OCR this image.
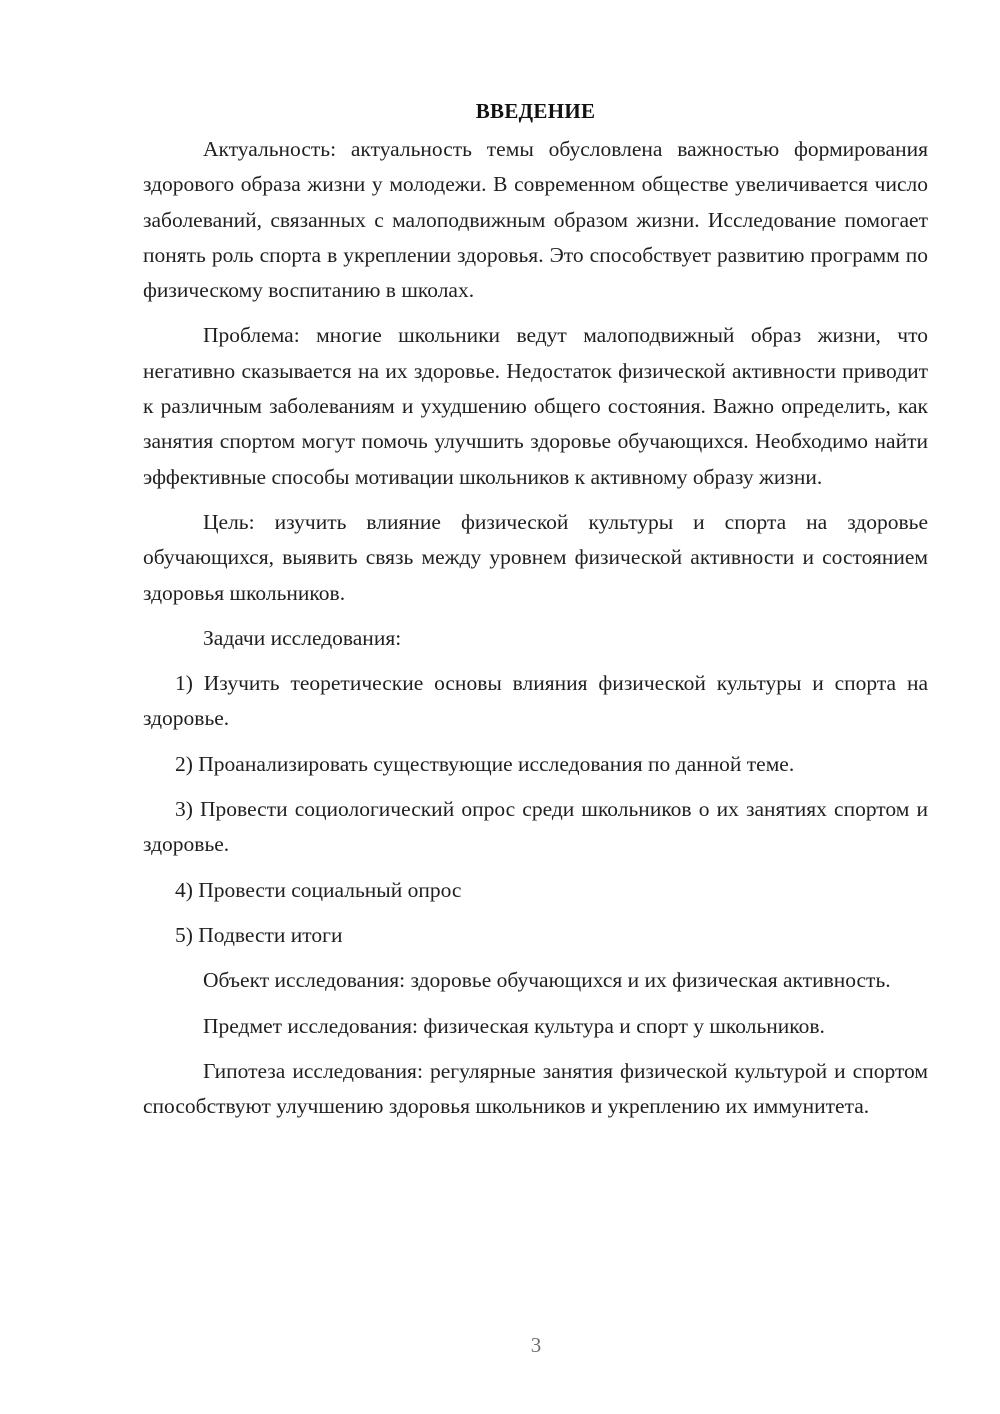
ВВЕДЕНИЕ

Актуальность: актуальность темы обусловлена важностью формирования здорового образа жизни у молодежи. В современном обществе увеличивается число заболеваний, связанных с малоподвижным образом жизни. Исследование помогает понять роль спорта в укреплении здоровья. Это способствует развитию программ по физическому воспитанию в школах.

Проблема: многие школьники ведут малоподвижный образ жизни, что негативно сказывается на их здоровье. Недостаток физической активности приводит к различным заболеваниям и ухудшению общего состояния. Важно определить, как занятия спортом могут помочь улучшить здоровье обучающихся. Необходимо найти эффективные способы мотивации школьников к активному образу жизни.

Цель: изучить влияние физической культуры и спорта на здоровье обучающихся, выявить связь между уровнем физической активности и состоянием здоровья школьников.

Задачи исследования:

1) Изучить теоретические основы влияния физической культуры и спорта на здоровье.

2) Проанализировать существующие исследования по данной теме.

3) Провести социологический опрос среди школьников о их занятиях спортом и здоровье.

4) Провести социальный опрос

5) Подвести итоги

Объект исследования: здоровье обучающихся и их физическая активность.

Предмет исследования: физическая культура и спорт у школьников.

Гипотеза исследования: регулярные занятия физической культурой и спортом способствуют улучшению здоровья школьников и укреплению их иммунитета.

3
